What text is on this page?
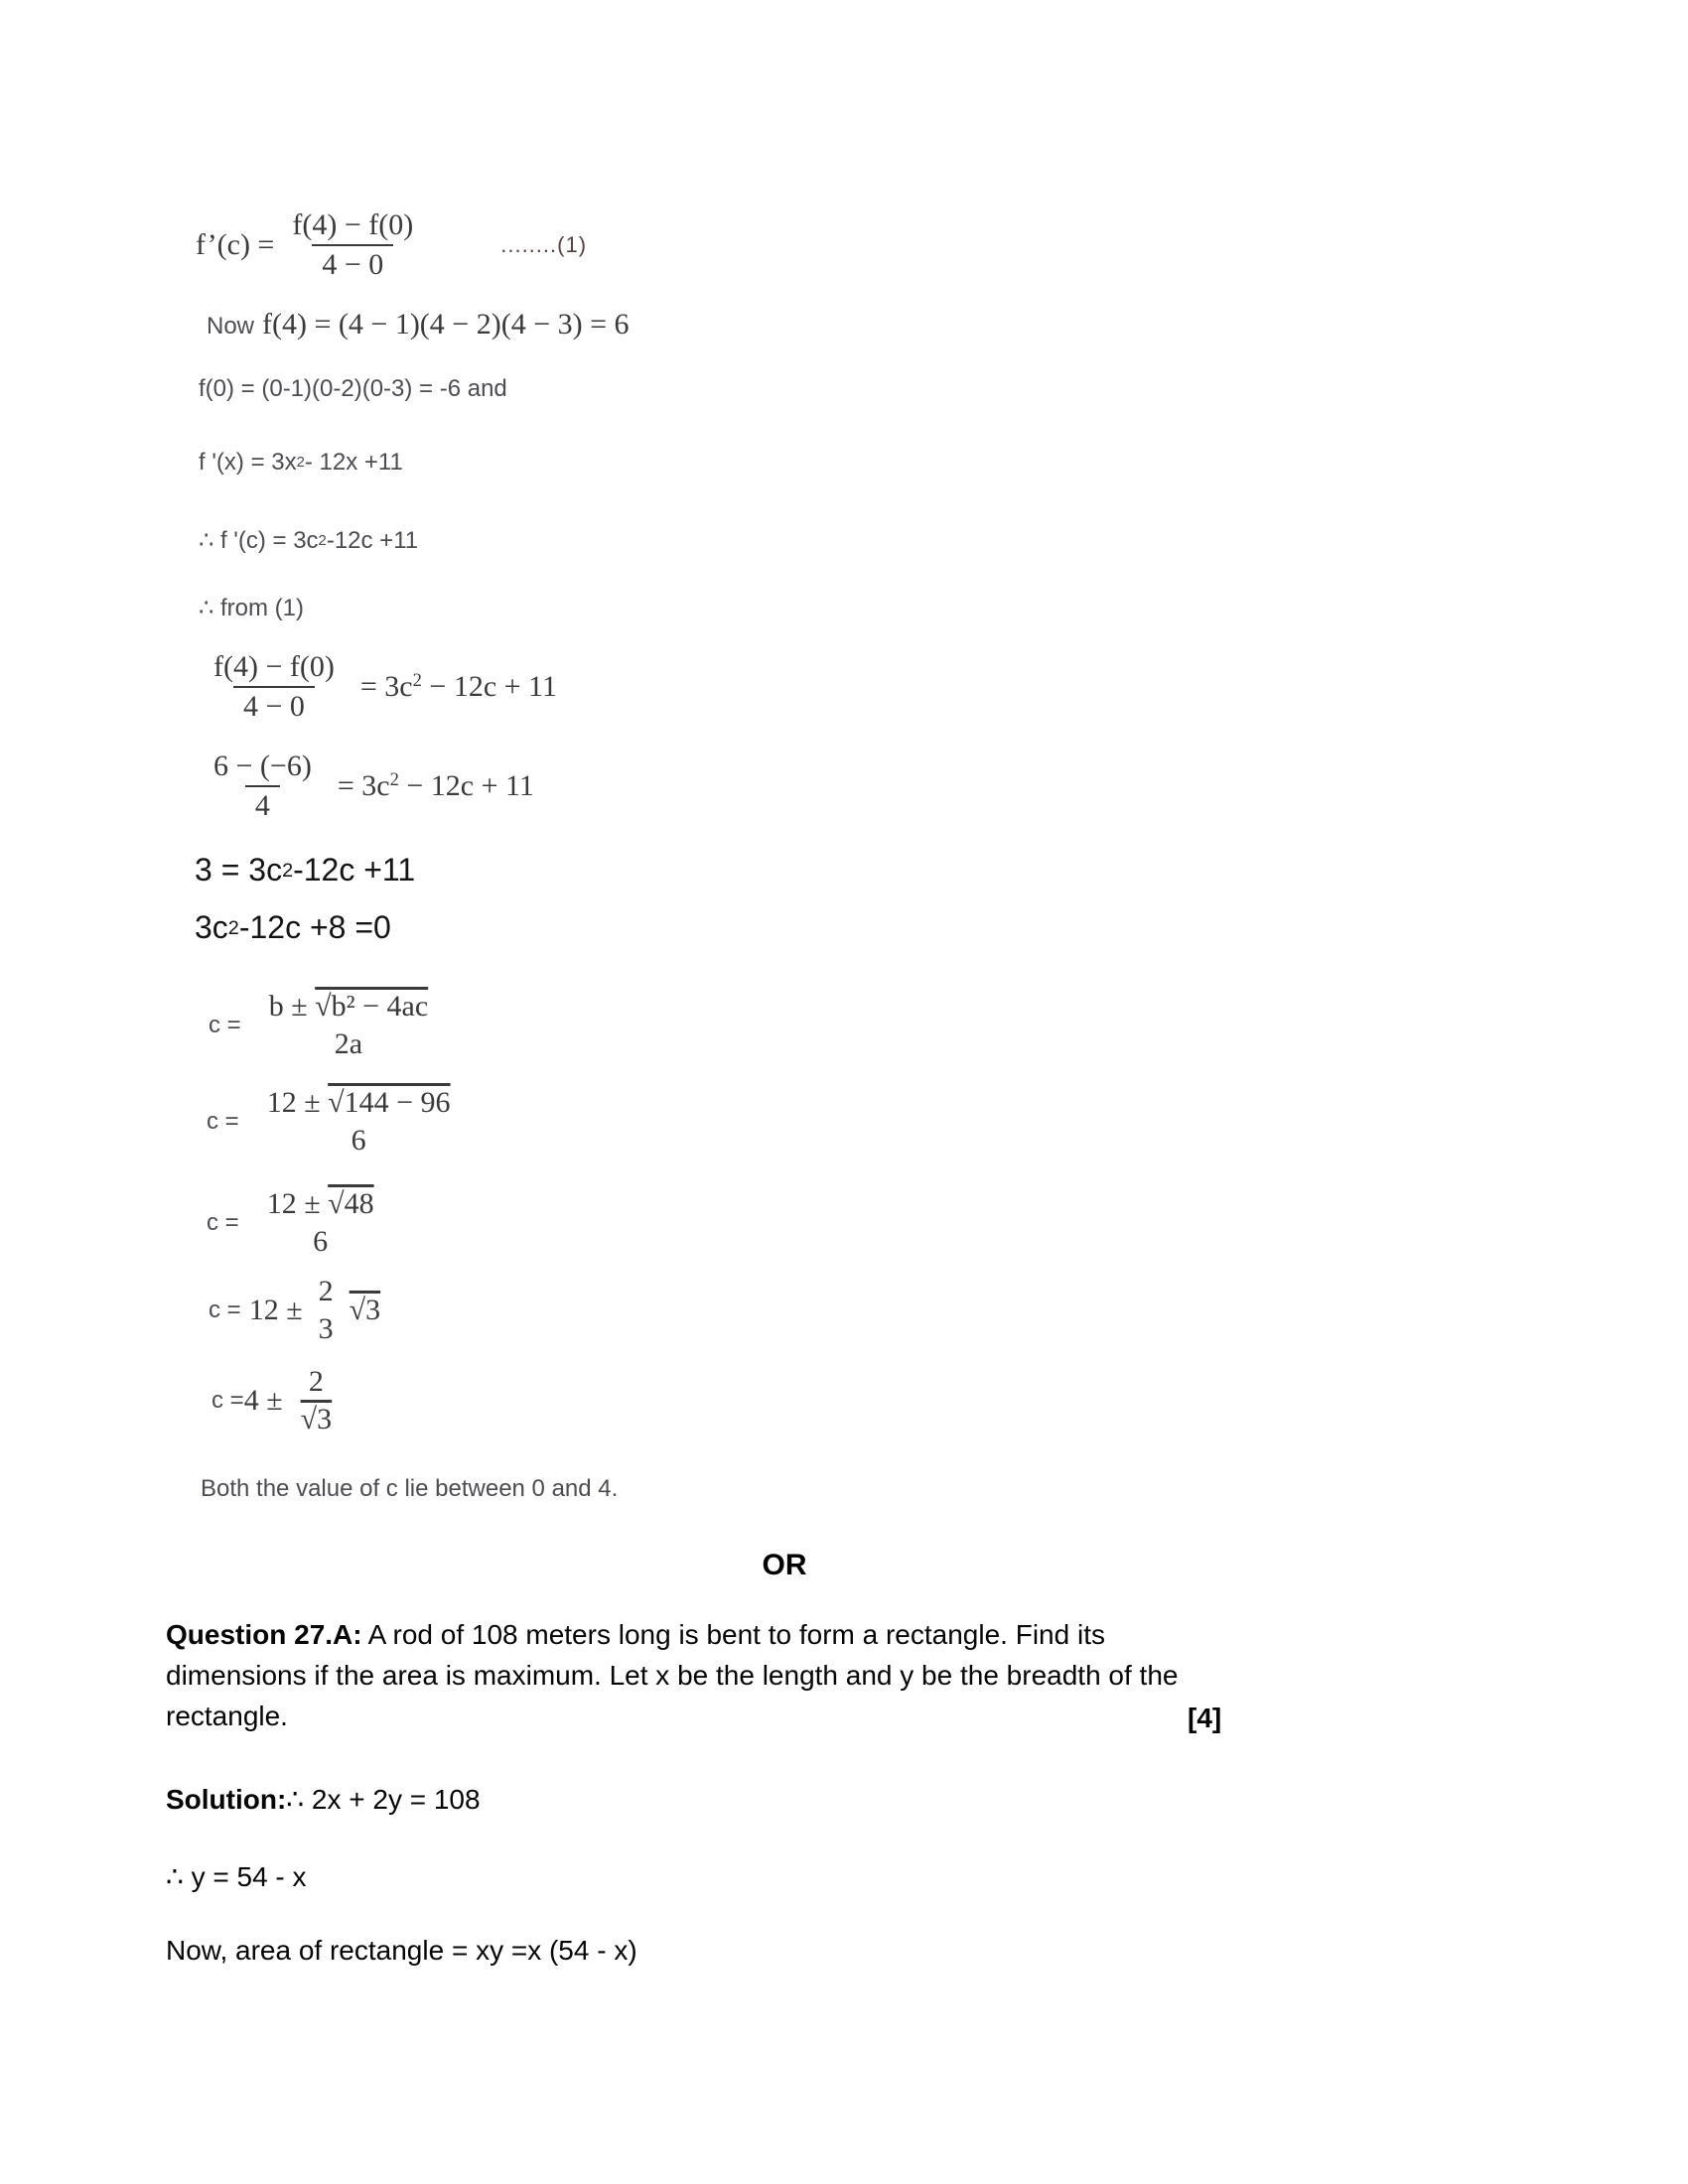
f’(c) = $\frac{f(4) - f(0)}{4 - 0}$	........(1)
Now f(4) = (4 − 1)(4 − 2)(4 − 3) = 6
f(0) = (0-1)(0-2)(0-3) = -6 and
f '(x) = 3x 2 - 12x +11
∴ f '(c) = 3c 2 -12c +11
∴ from (1)
$\frac{f(4) - f(0)}{4 - 0} = 3c^2 - 12c + 11$
$\frac{6 - (-6)}{4} = 3c^2 - 12c + 11$
3 = 3c 2 -12c +11
3c 2 -12c +8 =0
c =
b ± √b² − 4ac
2a
c =
12 ± √144 − 96
6
c =
12 ± √48
6
c = 12 ±
2
3
√3
c = 4 ±
2
√3
Both the value of c lie between 0 and 4.
OR
Question 27.A: A rod of 108 meters long is bent to form a rectangle. Find its
dimensions if the area is maximum. Let x be the length and y be the breadth of the
rectangle.	[4]
Solution: ∴ 2x + 2y = 108
∴ y = 54 - x
Now, area of rectangle = xy =x (54 - x)
